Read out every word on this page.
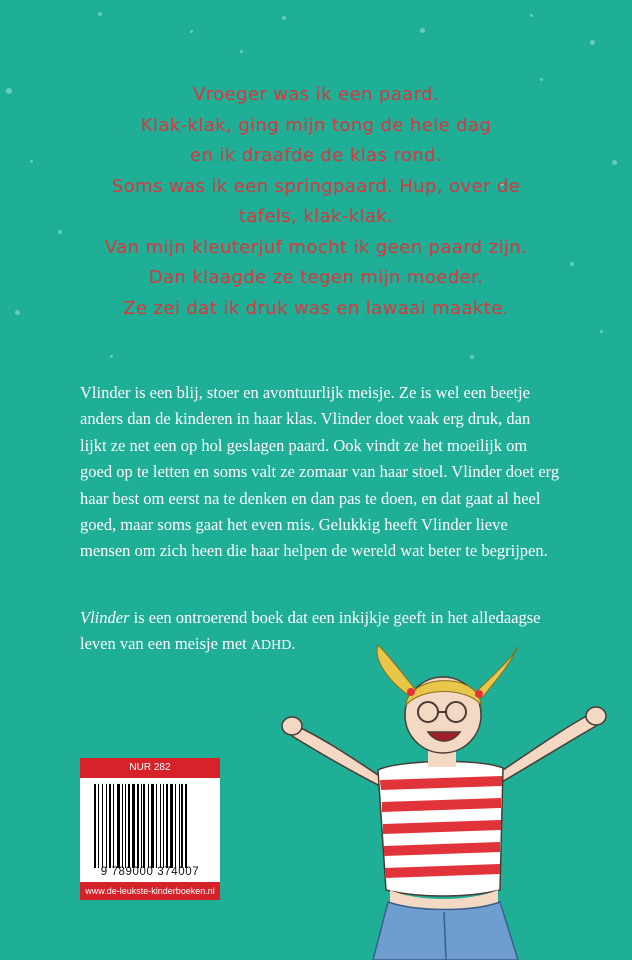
Vroeger was ik een paard.
Klak-klak, ging mijn tong de hele dag
en ik draafde de klas rond.
Soms was ik een springpaard. Hup, over de
tafels, klak-klak.
Van mijn kleuterjuf mocht ik geen paard zijn.
Dan klaagde ze tegen mijn moeder.
Ze zei dat ik druk was en lawaai maakte.

Vlinder is een blij, stoer en avontuurlijk meisje. Ze is wel een beetje anders dan de kinderen in haar klas. Vlinder doet vaak erg druk, dan lijkt ze net een op hol geslagen paard. Ook vindt ze het moeilijk om goed op te letten en soms valt ze zomaar van haar stoel. Vlinder doet erg haar best om eerst na te denken en dan pas te doen, en dat gaat al heel goed, maar soms gaat het even mis. Gelukkig heeft Vlinder lieve mensen om zich heen die haar helpen de wereld wat beter te begrijpen.

Vlinder is een ontroerend boek dat een inkijkje geeft in het alledaagse leven van een meisje met ADHD.

NUR 282
9 789000 374007
www.de-leukste-kinderboeken.nl
